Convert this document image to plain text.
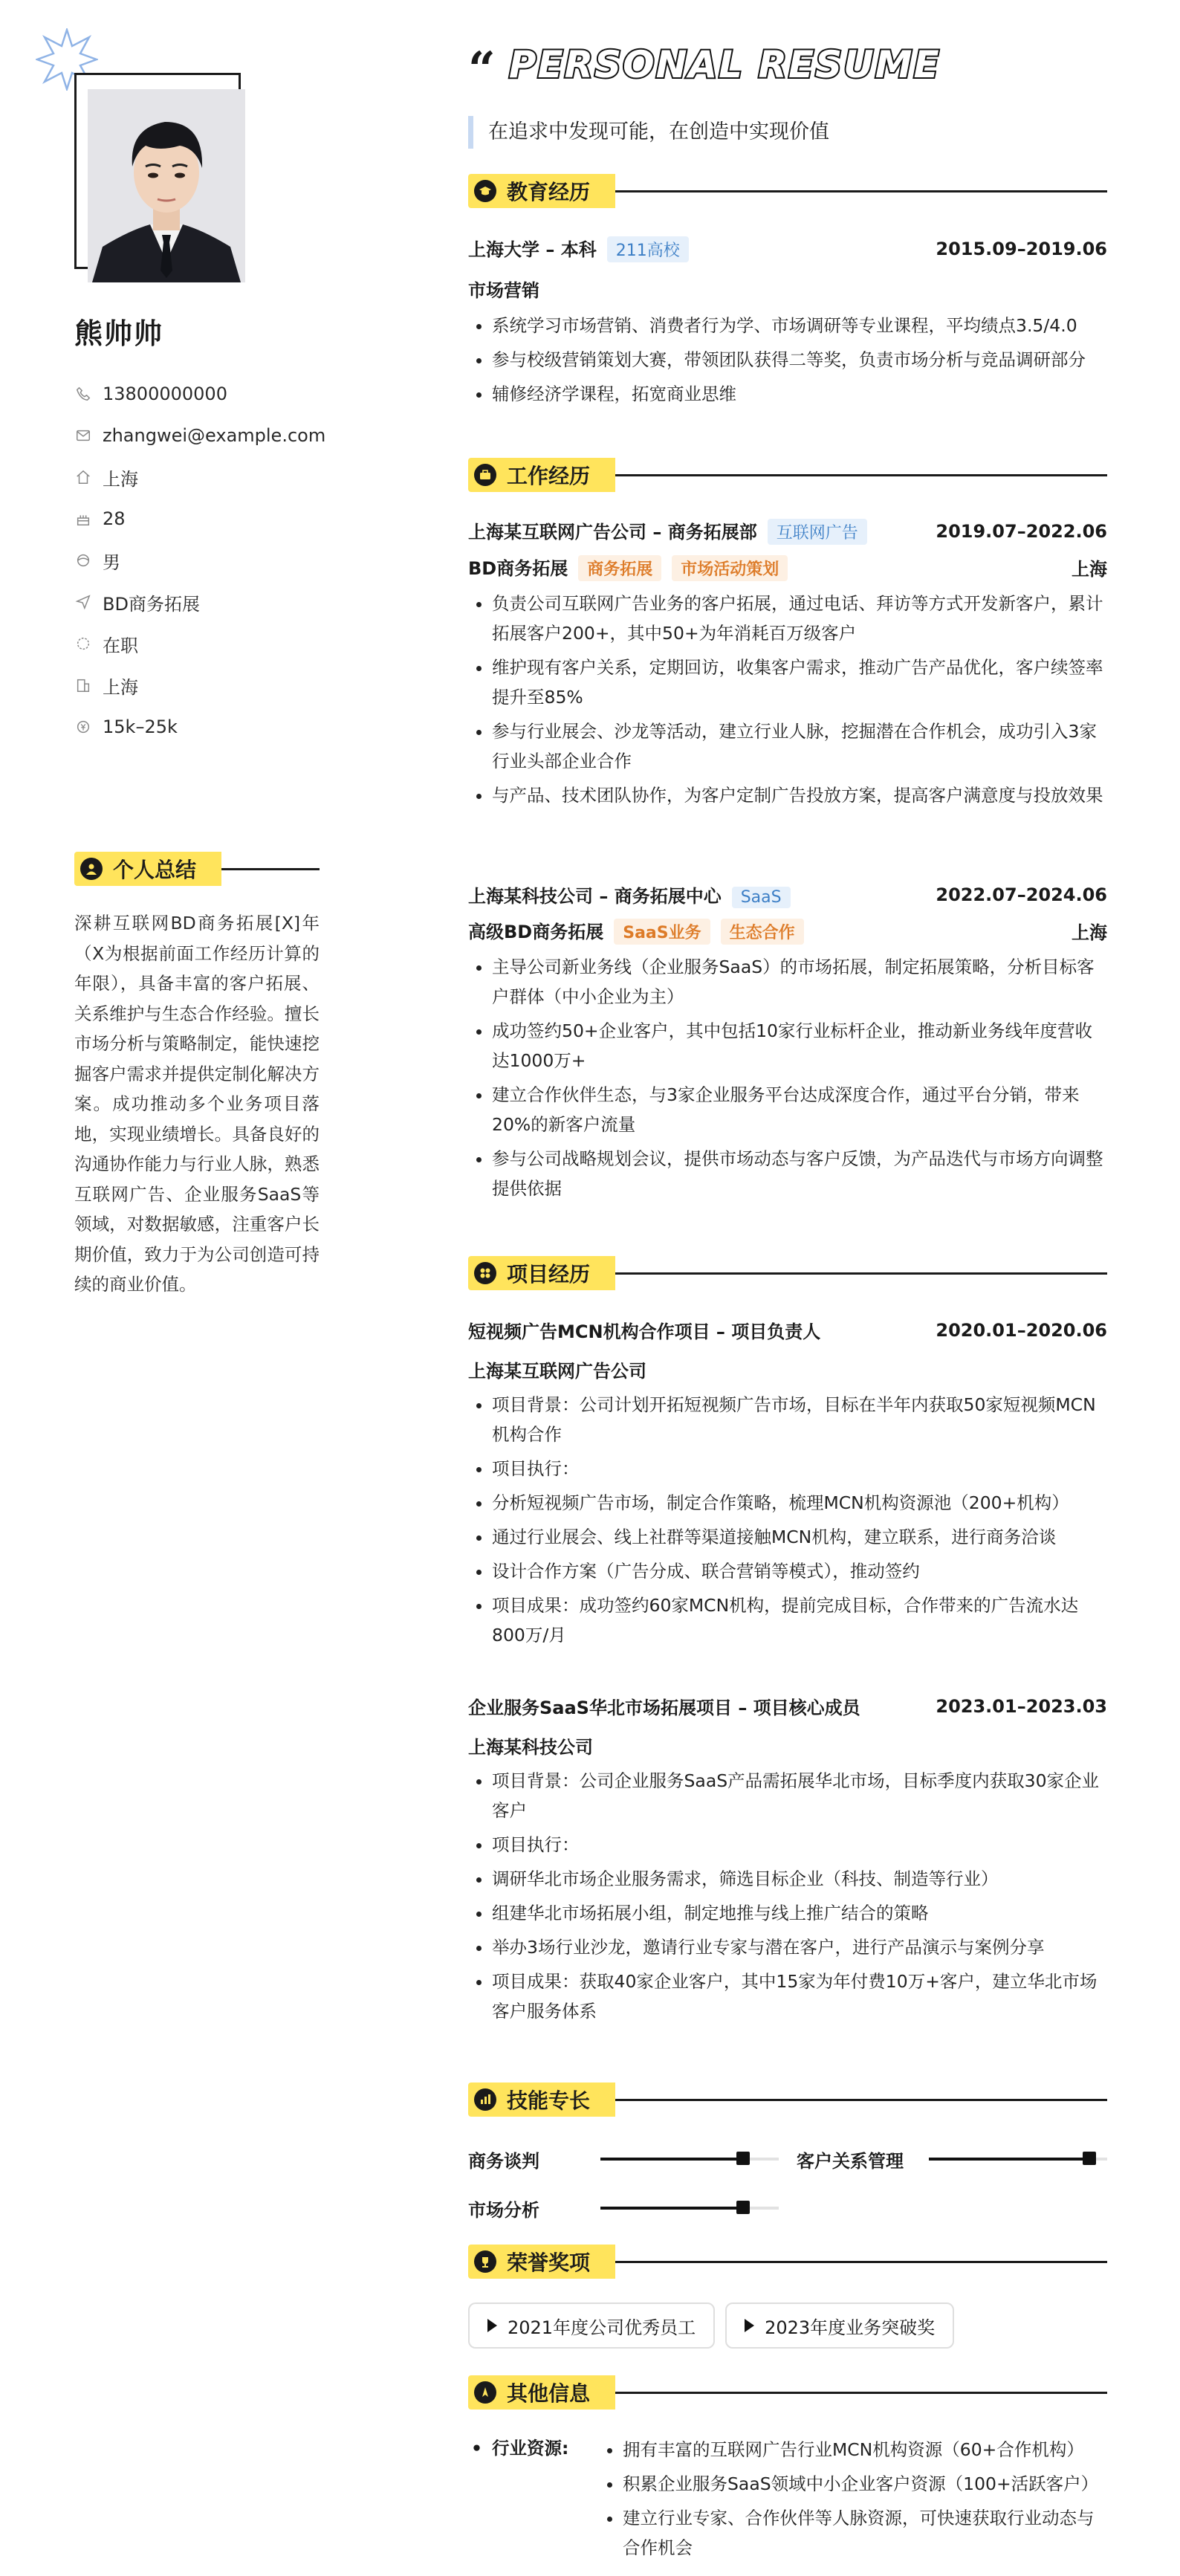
熊帅帅
13800000000
zhangwei@example.com
上海
28
男
BD商务拓展
在职
上海
15k–25k
个人总结
深耕互联网BD商务拓展[X]年（X为根据前面工作经历计算的年限），具备丰富的客户拓展、关系维护与生态合作经验。擅长市场分析与策略制定，能快速挖掘客户需求并提供定制化解决方案。成功推动多个业务项目落地，实现业绩增长。具备良好的沟通协作能力与行业人脉，熟悉互联网广告、企业服务SaaS等领域，对数据敏感，注重客户长期价值，致力于为公司创造可持续的商业价值。
“ PERSONAL RESUME
在追求中发现可能，在创造中实现价值
教育经历
上海大学 – 本科 211高校	2015.09–2019.06
市场营销
• 系统学习市场营销、消费者行为学、市场调研等专业课程，平均绩点3.5/4.0
• 参与校级营销策划大赛，带领团队获得二等奖，负责市场分析与竞品调研部分
• 辅修经济学课程，拓宽商业思维
工作经历
上海某互联网广告公司 – 商务拓展部 互联网广告	2019.07–2022.06
BD商务拓展 商务拓展 市场活动策划	上海
• 负责公司互联网广告业务的客户拓展，通过电话、拜访等方式开发新客户，累计拓展客户200+，其中50+为年消耗百万级客户
• 维护现有客户关系，定期回访，收集客户需求，推动广告产品优化，客户续签率提升至85%
• 参与行业展会、沙龙等活动，建立行业人脉，挖掘潜在合作机会，成功引入3家行业头部企业合作
• 与产品、技术团队协作，为客户定制广告投放方案，提高客户满意度与投放效果
上海某科技公司 – 商务拓展中心 SaaS	2022.07–2024.06
高级BD商务拓展 SaaS业务 生态合作	上海
• 主导公司新业务线（企业服务SaaS）的市场拓展，制定拓展策略，分析目标客户群体（中小企业为主）
• 成功签约50+企业客户，其中包括10家行业标杆企业，推动新业务线年度营收达1000万+
• 建立合作伙伴生态，与3家企业服务平台达成深度合作，通过平台分销，带来20%的新客户流量
• 参与公司战略规划会议，提供市场动态与客户反馈，为产品迭代与市场方向调整提供依据
项目经历
短视频广告MCN机构合作项目 – 项目负责人	2020.01–2020.06
上海某互联网广告公司
• 项目背景：公司计划开拓短视频广告市场，目标在半年内获取50家短视频MCN机构合作
• 项目执行：
• 分析短视频广告市场，制定合作策略，梳理MCN机构资源池（200+机构）
• 通过行业展会、线上社群等渠道接触MCN机构，建立联系，进行商务洽谈
• 设计合作方案（广告分成、联合营销等模式），推动签约
• 项目成果：成功签约60家MCN机构，提前完成目标，合作带来的广告流水达800万/月
企业服务SaaS华北市场拓展项目 – 项目核心成员	2023.01–2023.03
上海某科技公司
• 项目背景：公司企业服务SaaS产品需拓展华北市场，目标季度内获取30家企业客户
• 项目执行：
• 调研华北市场企业服务需求，筛选目标企业（科技、制造等行业）
• 组建华北市场拓展小组，制定地推与线上推广结合的策略
• 举办3场行业沙龙，邀请行业专家与潜在客户，进行产品演示与案例分享
• 项目成果：获取40家企业客户，其中15家为年付费10万+客户，建立华北市场客户服务体系
技能专长
商务谈判	客户关系管理
市场分析
荣誉奖项
2021年度公司优秀员工	2023年度业务突破奖
其他信息
• 行业资源:
•	拥有丰富的互联网广告行业MCN机构资源（60+合作机构）
• 积累企业服务SaaS领域中小企业客户资源（100+活跃客户）
• 建立行业专家、合作伙伴等人脉资源，可快速获取行业动态与合作机会
